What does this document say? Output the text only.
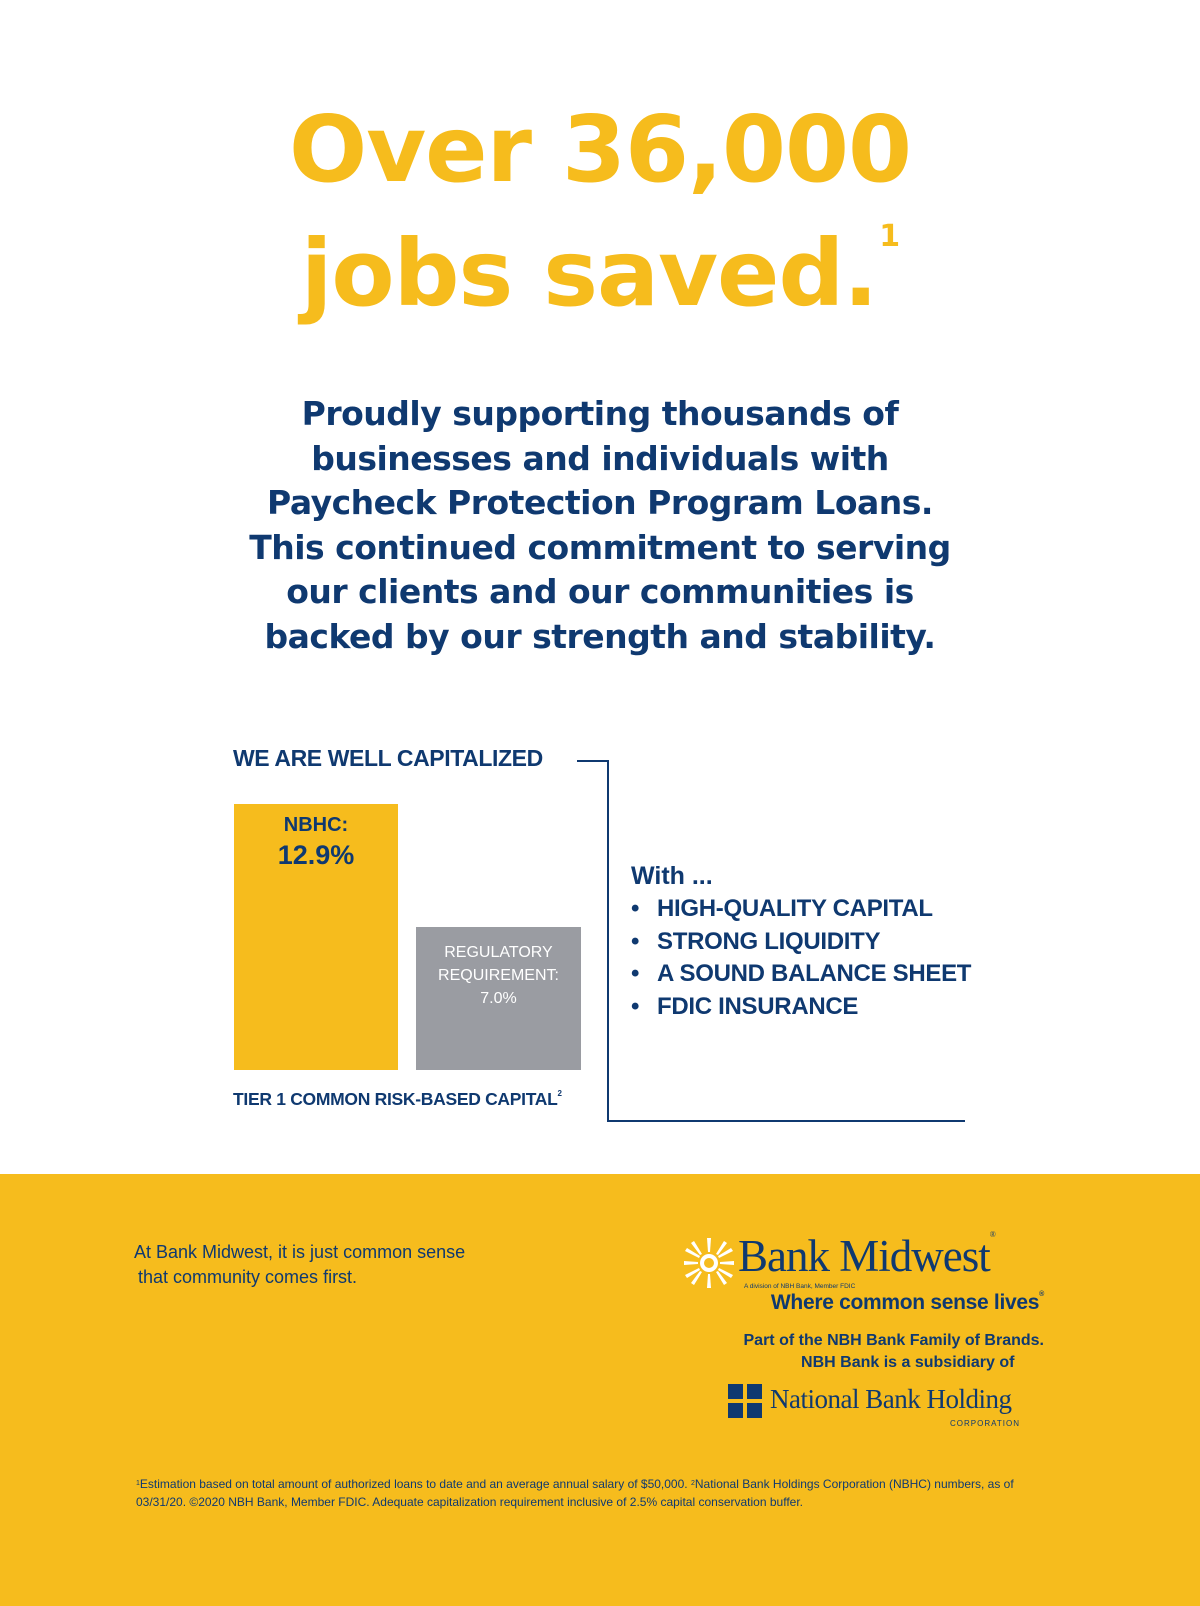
Over 36,000
jobs saved.$^1$
Proudly supporting thousands of
businesses and individuals with
Paycheck Protection Program Loans.
This continued commitment to serving
our clients and our communities is
backed by our strength and stability.
WE ARE WELL CAPITALIZED
NBHC:
12.9%
REGULATORY
REQUIREMENT:
7.0%
TIER 1 COMMON RISK-BASED CAPITAL$^2$
With ...
• HIGH-QUALITY CAPITAL
• STRONG LIQUIDITY
• A SOUND BALANCE SHEET
• FDIC INSURANCE
At Bank Midwest, it is just common sense
that community comes first.	Bank Midwest®
A division of NBH Bank, Member FDIC
Where common sense lives®
Part of the NBH Bank Family of Brands.
NBH Bank is a subsidiary of
National Bank Holding
CORPORATION
$^1$Estimation based on total amount of authorized loans to date and an average annual salary of $50,000. $^2$National Bank Holdings Corporation (NBHC) numbers, as of 03/31/20. ©2020 NBH Bank, Member FDIC. Adequate capitalization requirement inclusive of 2.5% capital conservation buffer.
